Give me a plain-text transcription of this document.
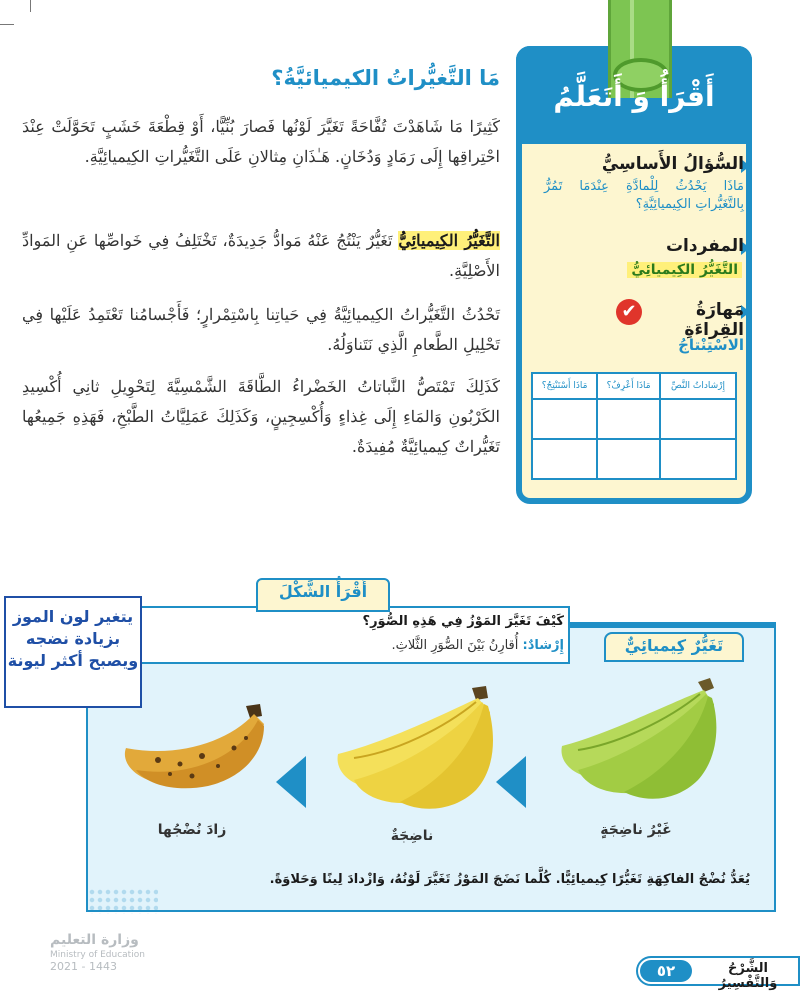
مَا التَّغيُّراتُ الكيميائيَّةُ؟
كَثِيرًا مَا شَاهَدْتَ تُفَّاحَةً تَغَيَّرَ لَوْنُها فَصارَ بُنِّيًّا، أَوْ قِطْعَةَ خَشَبٍ تَحَوَّلَتْ عِنْدَ احْتِراقِها إِلَى رَمَادٍ وَدُخَانٍ. هَـٰذَانِ مِثالانِ عَلَى التَّغَيُّراتِ الكِيميائِيَّةِ.
التَّغَيُّرُ الكِيميائِيُّ تَغَيُّرٌ يَنْتُجُ عَنْهُ مَوادُّ جَدِيدَةٌ، تَخْتَلِفُ فِي خَواصِّها عَنِ المَوادِّ الأَصْلِيَّةِ.
تَحْدُثُ التَّغَيُّراتُ الكِيميائِيَّةُ فِي حَياتِنا بِاسْتِمْرارٍ؛ فَأَجْسامُنا تَعْتَمِدُ عَلَيْها فِي تَحْلِيلِ الطَّعامِ الَّذِي نَتَناوَلُهُ.
كَذَلِكَ تَمْتَصُّ النَّباتاتُ الخَضْراءُ الطَّاقَةَ الشَّمْسِيَّةَ لِتَحْوِيلِ ثانِي أُكْسِيدِ الكَرْبُونِ وَالمَاءِ إِلَى غِذاءٍ وَأُكْسِجِينٍ، وَكَذَلِكَ عَمَلِيَّاتُ الطَّبْخِ، فَهَذِهِ جَمِيعُها تَغَيُّراتٌ كِيميائِيَّةٌ مُفِيدَةٌ.
أَقْرَأُ وَ أَتَعَلَّمُ
السُّؤالُ الأَساسِيُّ
مَاذَا يَحْدُثُ لِلْمادَّةِ عِنْدَمَا تَمُرُّ بِالتَّغَيُّراتِ الكِيميائِيَّةِ؟
المفردات
التَّغَيُّرُ الكِيميائِيُّ
مَهارَةُ القِراءَةِ
✔
الاسْتِنْتاجُ
إِرْشاداتُ النَّصِّ	مَاذَا أَعْرِفُ؟	مَاذَا أَسْتَنْتِجُ؟

أَقْرَأُ الشَّكْلَ
كَيْفَ تَغَيَّرَ المَوْزُ فِي هَذِهِ الصُّوَرِ؟
إِرْشادٌ: أُقارِنُ بَيْنَ الصُّوَرِ الثَّلاثِ.	تَغَيُّرٌ كِيميائِيٌّ
يتغير لون الموز بزيادة نضجه ويصبح أكثر ليونة
غَيْرُ ناضِجَةٍ
ناضِجَةٌ
زادَ نُضْجُها
يُعَدُّ نُضْجُ الفاكِهَةِ تَغَيُّرًا كِيميائِيًّا. كُلَّما نَضَجَ المَوْزُ تَغَيَّرَ لَوْنُهُ، وَازْدادَ لِينًا وَحَلاوَةً.
وزارة التعليم
Ministry of Education
2021 - 1443	٥٢	الشَّرْحُ وَالتَّفْسِيرُ
